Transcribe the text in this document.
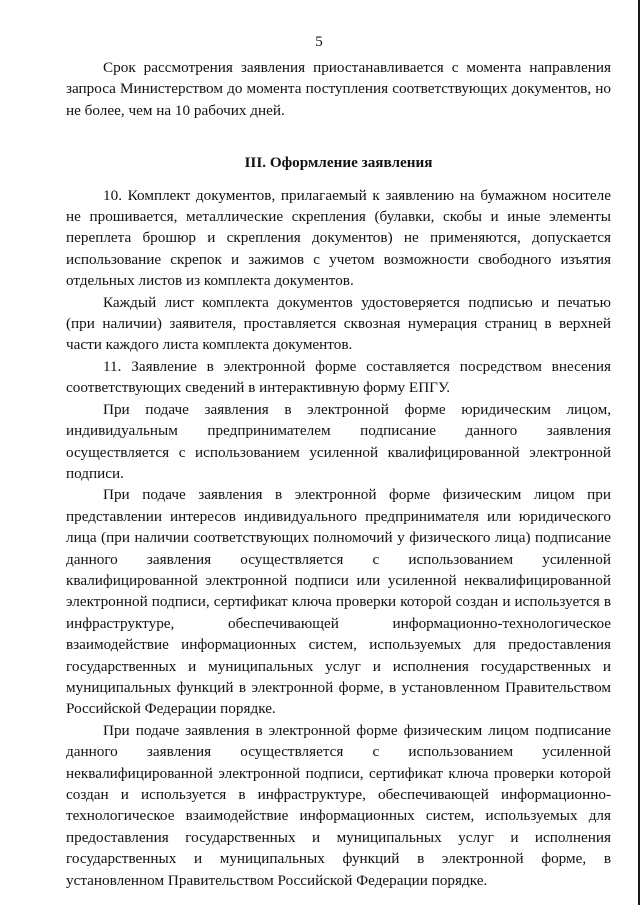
5

Срок рассмотрения заявления приостанавливается с момента направления запроса Министерством до момента поступления соответствующих документов, но не более, чем на 10 рабочих дней.

III. Оформление заявления

10. Комплект документов, прилагаемый к заявлению на бумажном носителе не прошивается, металлические скрепления (булавки, скобы и иные элементы переплета брошюр и скрепления документов) не применяются, допускается использование скрепок и зажимов с учетом возможности свободного изъятия отдельных листов из комплекта документов.

Каждый лист комплекта документов удостоверяется подписью и печатью (при наличии) заявителя, проставляется сквозная нумерация страниц в верхней части каждого листа комплекта документов.

11. Заявление в электронной форме составляется посредством внесения соответствующих сведений в интерактивную форму ЕПГУ.

При подаче заявления в электронной форме юридическим лицом, индивидуальным предпринимателем подписание данного заявления осуществляется с использованием усиленной квалифицированной электронной подписи.

При подаче заявления в электронной форме физическим лицом при представлении интересов индивидуального предпринимателя или юридического лица (при наличии соответствующих полномочий у физического лица) подписание данного заявления осуществляется с использованием усиленной квалифицированной электронной подписи или усиленной неквалифицированной электронной подписи, сертификат ключа проверки которой создан и используется в инфраструктуре, обеспечивающей информационно-технологическое взаимодействие информационных систем, используемых для предоставления государственных и муниципальных услуг и исполнения государственных и муниципальных функций в электронной форме, в установленном Правительством Российской Федерации порядке.

При подаче заявления в электронной форме физическим лицом подписание данного заявления осуществляется с использованием усиленной неквалифицированной электронной подписи, сертификат ключа проверки которой создан и используется в инфраструктуре, обеспечивающей информационно-технологическое взаимодействие информационных систем, используемых для предоставления государственных и муниципальных услуг и исполнения государственных и муниципальных функций в электронной форме, в установленном Правительством Российской Федерации порядке.
